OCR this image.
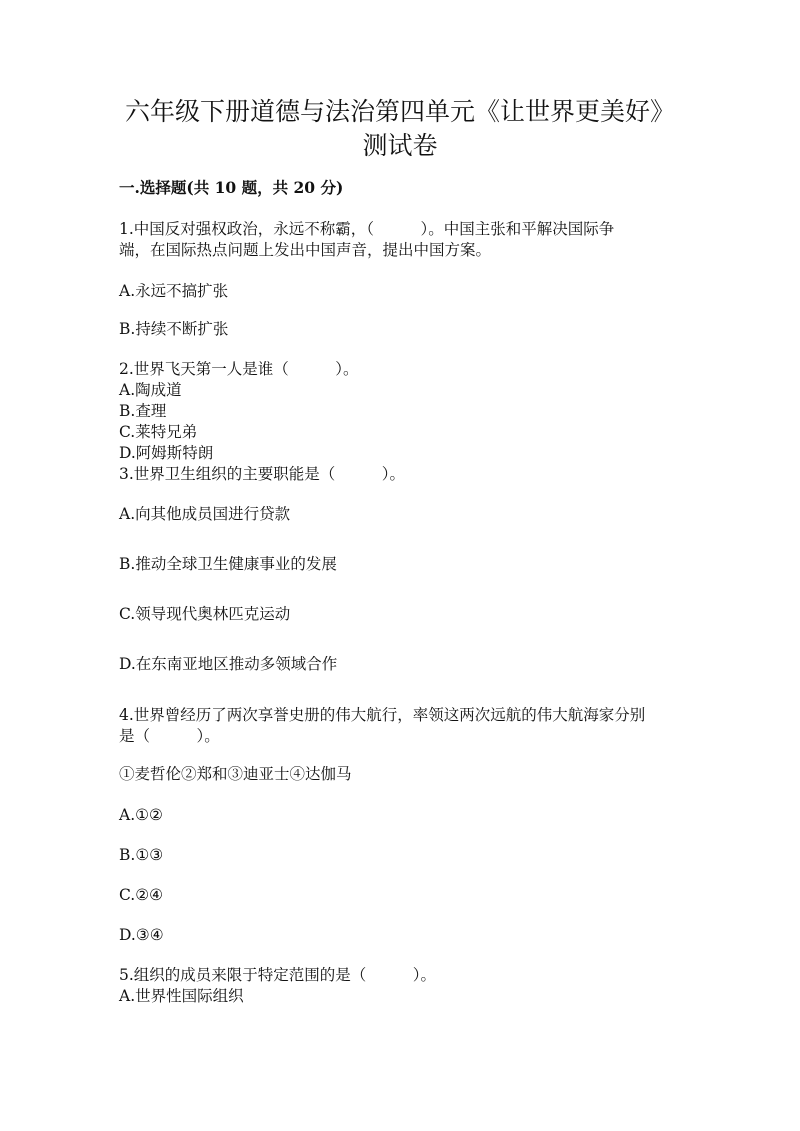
六年级下册道德与法治第四单元《让世界更美好》
测试卷
一.选择题(共 10 题，共 20 分)
1.中国反对强权政治，永远不称霸，（　　　）。中国主张和平解决国际争
端，在国际热点问题上发出中国声音，提出中国方案。
A.永远不搞扩张
B.持续不断扩张
2.世界飞天第一人是谁（　　　）。
A.陶成道
B.查理
C.莱特兄弟
D.阿姆斯特朗
3.世界卫生组织的主要职能是（　　　）。
A.向其他成员国进行贷款
B.推动全球卫生健康事业的发展
C.领导现代奥林匹克运动
D.在东南亚地区推动多领域合作
4.世界曾经历了两次享誉史册的伟大航行，率领这两次远航的伟大航海家分别
是（　　　）。
①麦哲伦②郑和③迪亚士④达伽马
A.①②
B.①③
C.②④
D.③④
5.组织的成员来限于特定范围的是（　　　）。
A.世界性国际组织
